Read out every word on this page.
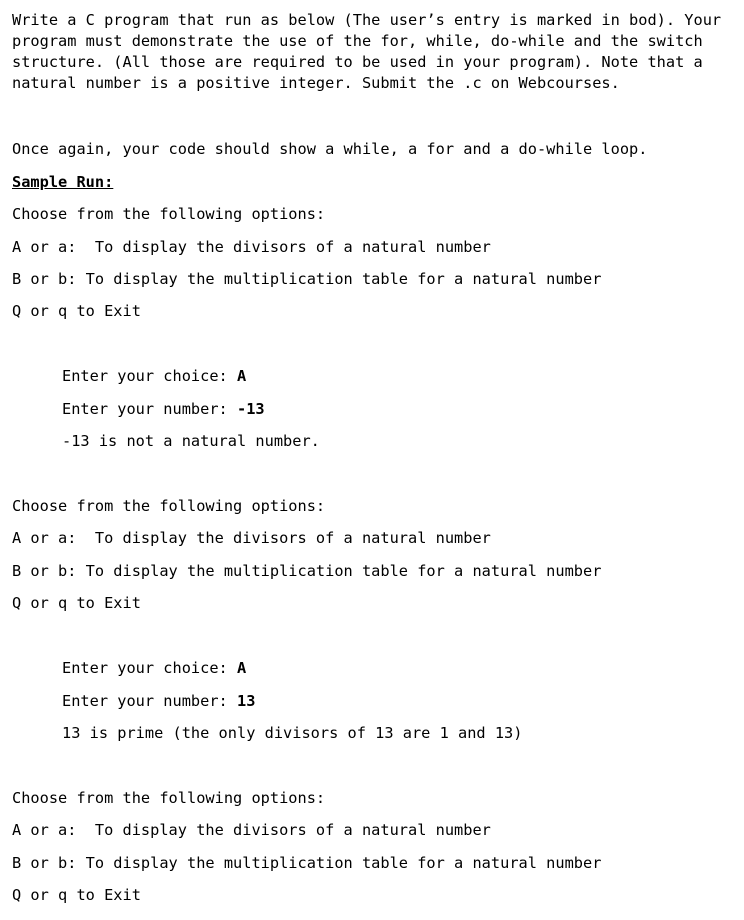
Write a C program that run as below (The user’s entry is marked in bod). Your
program must demonstrate the use of the for, while, do-while and the switch
structure. (All those are required to be used in your program). Note that a
natural number is a positive integer. Submit the .c on Webcourses.
Once again, your code should show a while, a for and a do-while loop.
Sample Run:
Choose from the following options:
A or a:  To display the divisors of a natural number
B or b: To display the multiplication table for a natural number
Q or q to Exit
Enter your choice: A
Enter your number: -13
-13 is not a natural number.
Choose from the following options:
A or a:  To display the divisors of a natural number
B or b: To display the multiplication table for a natural number
Q or q to Exit
Enter your choice: A
Enter your number: 13
13 is prime (the only divisors of 13 are 1 and 13)
Choose from the following options:
A or a:  To display the divisors of a natural number
B or b: To display the multiplication table for a natural number
Q or q to Exit
